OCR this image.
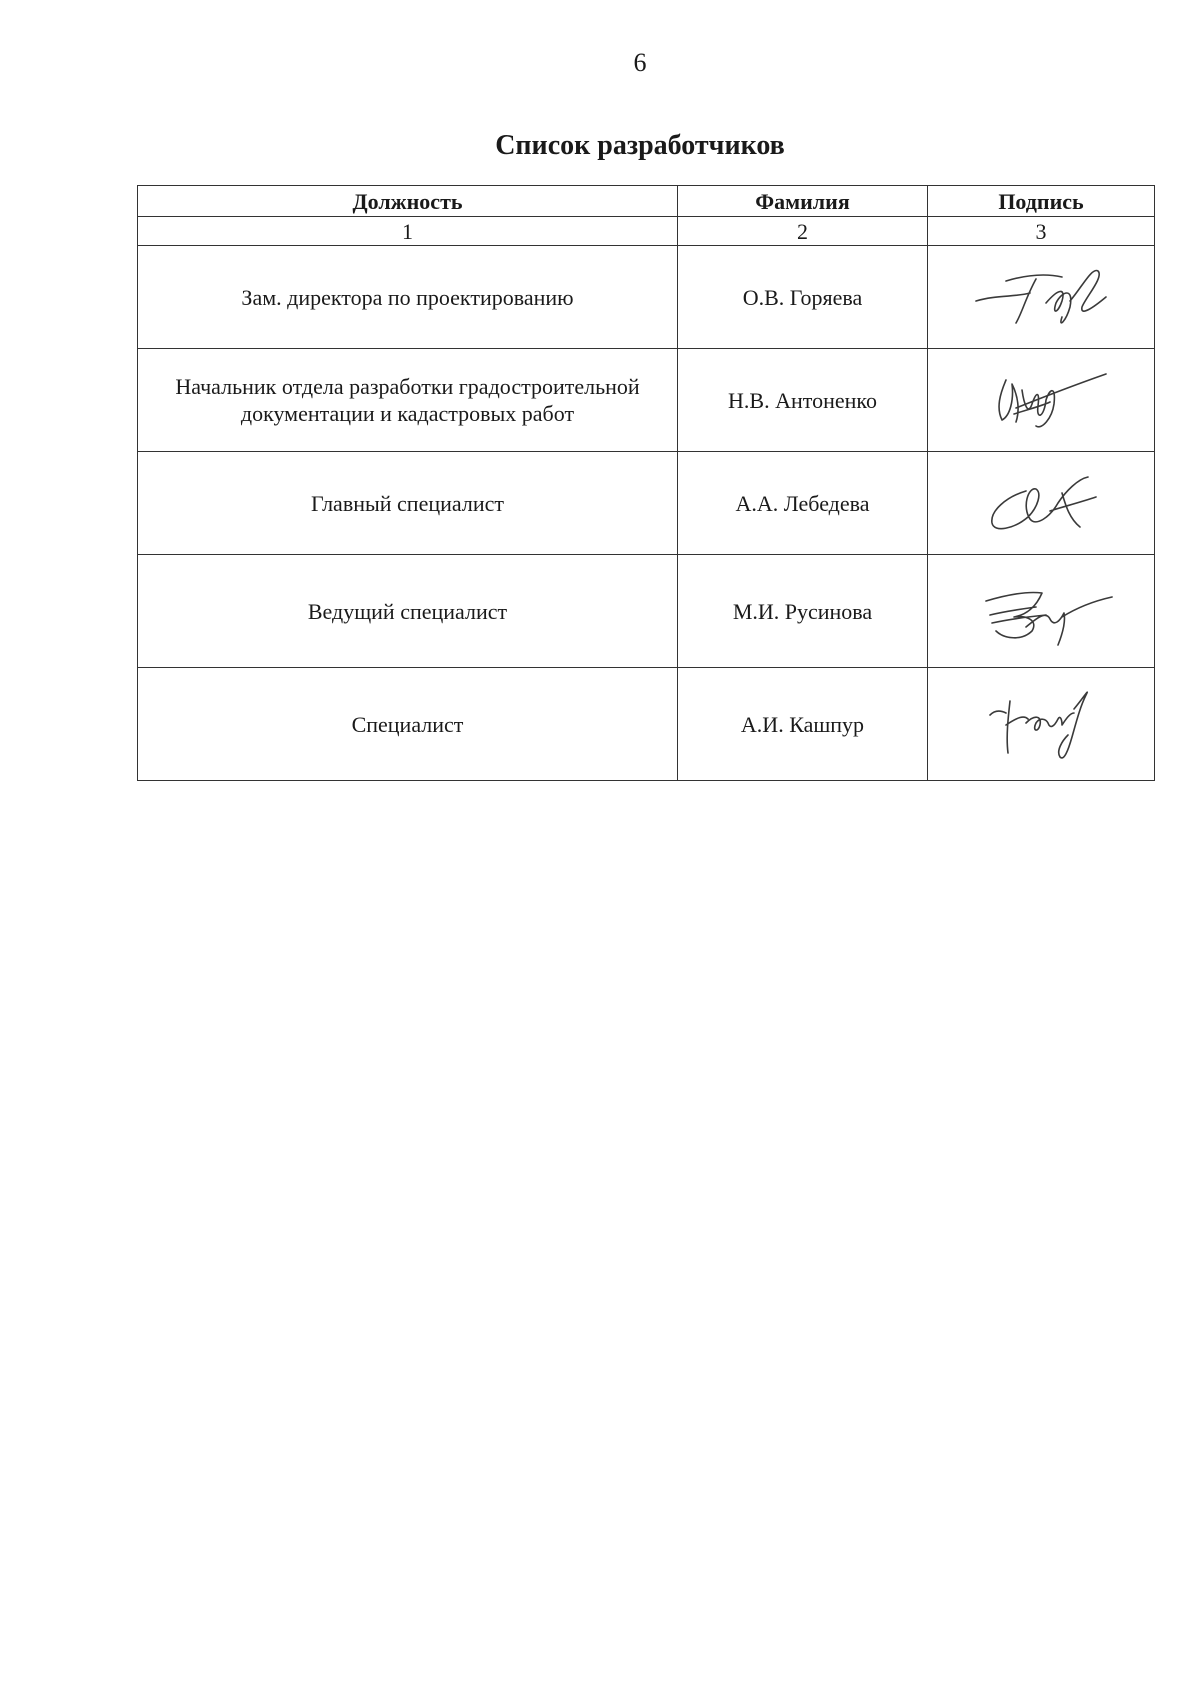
6
Список разработчиков
Должность	Фамилия	Подпись
1	2	3
Зам. директора по проектированию	О.В. Горяева	

Начальник отдела разработки градостроительной документации и кадастровых работ	Н.В. Антоненко	

Главный специалист	А.А. Лебедева	

Ведущий специалист	М.И. Русинова	

Специалист	А.И. Кашпур	
